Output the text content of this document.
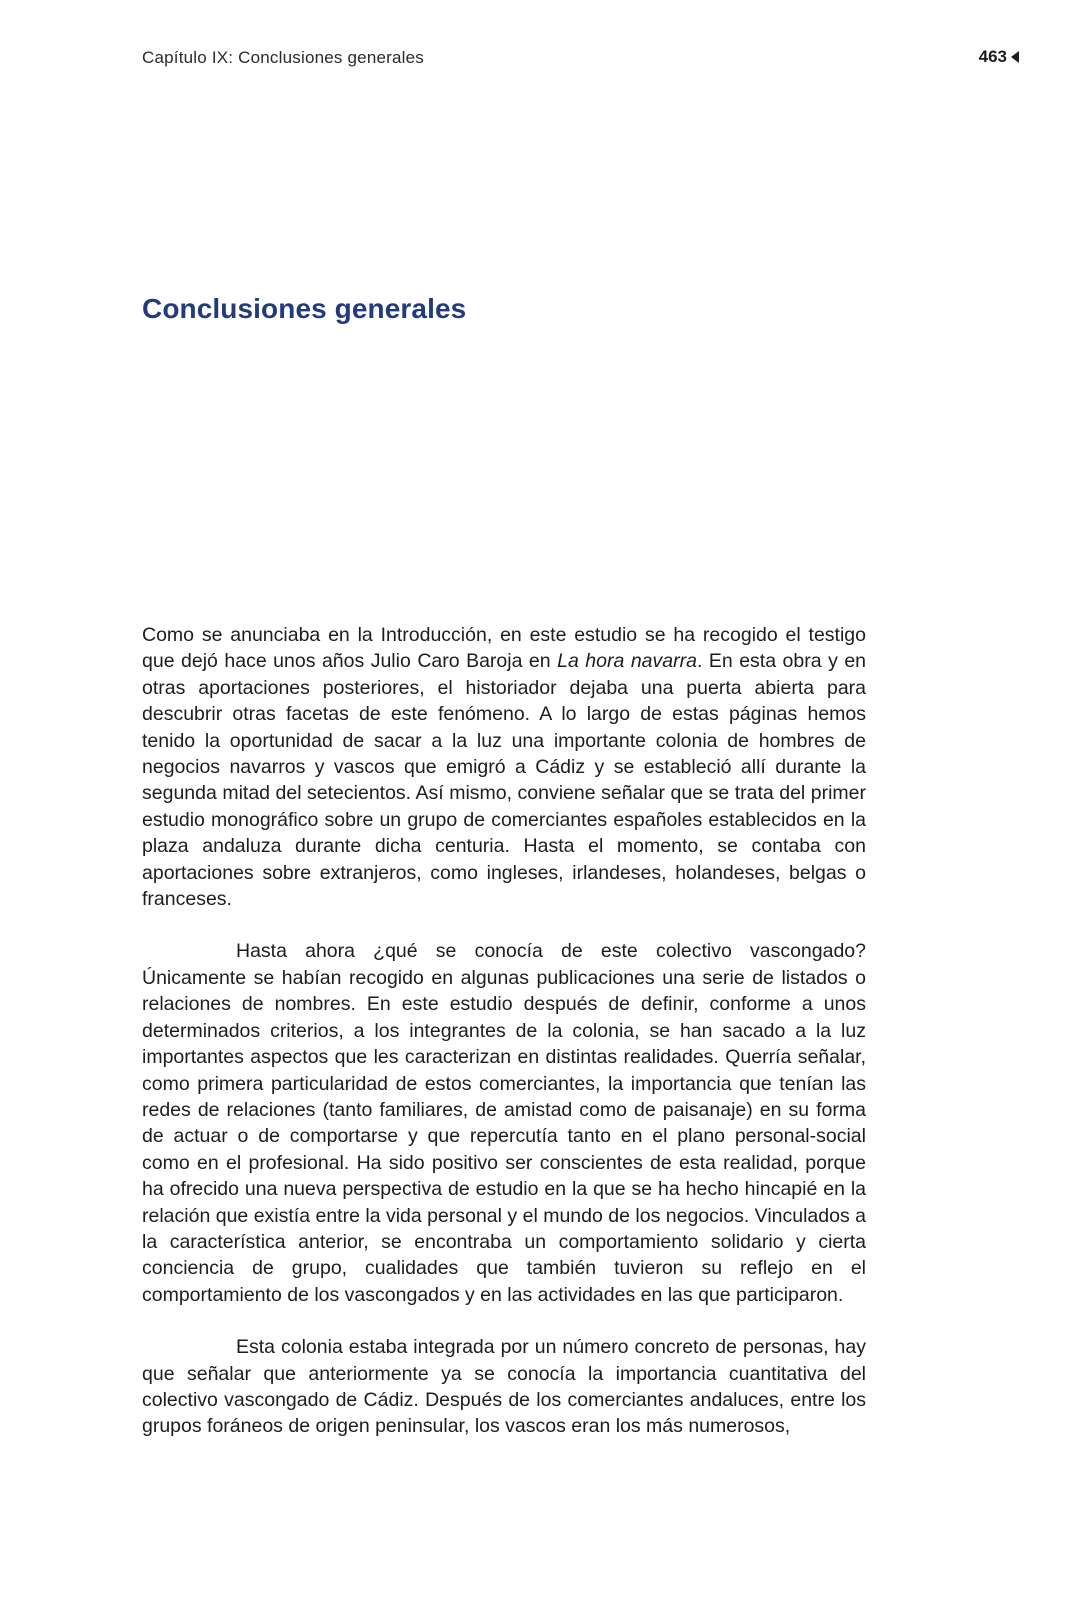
Capítulo IX: Conclusiones generales	463
Conclusiones generales

Como se anunciaba en la Introducción, en este estudio se ha recogido el testigo que dejó hace unos años Julio Caro Baroja en La hora navarra. En esta obra y en otras aportaciones posteriores, el historiador dejaba una puerta abierta para descubrir otras facetas de este fenómeno. A lo largo de estas páginas hemos tenido la oportunidad de sacar a la luz una importante colonia de hombres de negocios navarros y vascos que emigró a Cádiz y se estableció allí durante la segunda mitad del setecientos. Así mismo, conviene señalar que se trata del primer estudio monográfico sobre un grupo de comerciantes españoles establecidos en la plaza andaluza durante dicha centuria. Hasta el momento, se contaba con aportaciones sobre extranjeros, como ingleses, irlandeses, holandeses, belgas o franceses.

Hasta ahora ¿qué se conocía de este colectivo vascongado? Únicamente se habían recogido en algunas publicaciones una serie de listados o relaciones de nombres. En este estudio después de definir, conforme a unos determinados criterios, a los integrantes de la colonia, se han sacado a la luz importantes aspectos que les caracterizan en distintas realidades. Querría señalar, como primera particularidad de estos comerciantes, la importancia que tenían las redes de relaciones (tanto familiares, de amistad como de paisanaje) en su forma de actuar o de comportarse y que repercutía tanto en el plano personal-social como en el profesional. Ha sido positivo ser conscientes de esta realidad, porque ha ofrecido una nueva perspectiva de estudio en la que se ha hecho hincapié en la relación que existía entre la vida personal y el mundo de los negocios. Vinculados a la característica anterior, se encontraba un comportamiento solidario y cierta conciencia de grupo, cualidades que también tuvieron su reflejo en el comportamiento de los vascongados y en las actividades en las que participaron.

Esta colonia estaba integrada por un número concreto de personas, hay que señalar que anteriormente ya se conocía la importancia cuantitativa del colectivo vascongado de Cádiz. Después de los comerciantes andaluces, entre los grupos foráneos de origen peninsular, los vascos eran los más numerosos,
